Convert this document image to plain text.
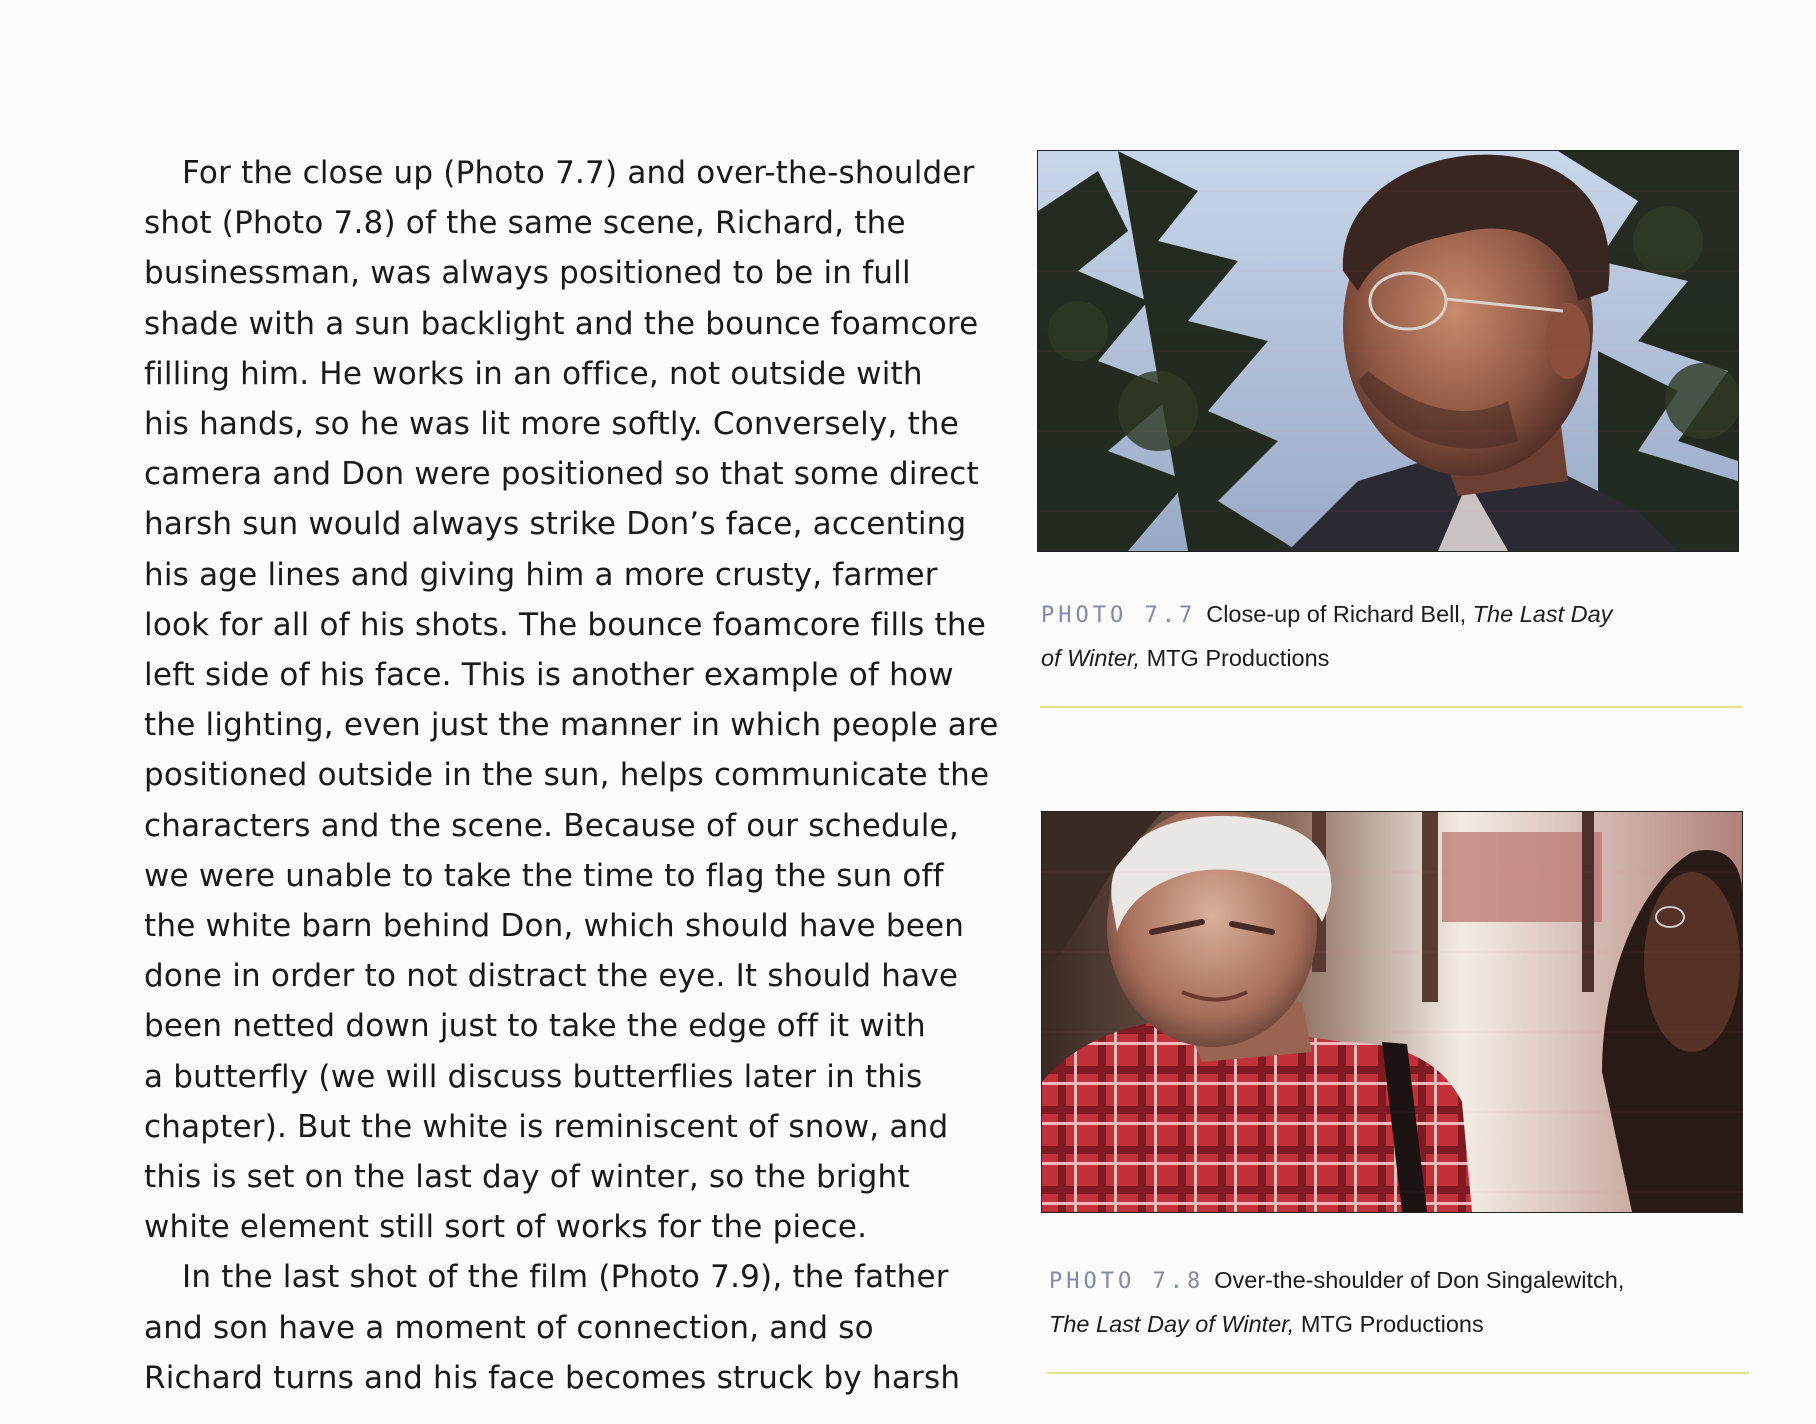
For the close up (Photo 7.7) and over-the-shoulder
shot (Photo 7.8) of the same scene, Richard, the
businessman, was always positioned to be in full
shade with a sun backlight and the bounce foamcore
filling him. He works in an office, not outside with
his hands, so he was lit more softly. Conversely, the
camera and Don were positioned so that some direct
harsh sun would always strike Don’s face, accenting
his age lines and giving him a more crusty, farmer
look for all of his shots. The bounce foamcore fills the
left side of his face. This is another example of how
the lighting, even just the manner in which people are
positioned outside in the sun, helps communicate the
characters and the scene. Because of our schedule,
we were unable to take the time to flag the sun off
the white barn behind Don, which should have been
done in order to not distract the eye. It should have
been netted down just to take the edge off it with
a butterfly (we will discuss butterflies later in this
chapter). But the white is reminiscent of snow, and
this is set on the last day of winter, so the bright
white element still sort of works for the piece.
In the last shot of the film (Photo 7.9), the father
and son have a moment of connection, and so
Richard turns and his face becomes struck by harsh
PHOTO 7.7 Close-up of Richard Bell, The Last Day
of Winter, MTG Productions
PHOTO 7.8 Over-the-shoulder of Don Singalewitch,
The Last Day of Winter, MTG Productions
